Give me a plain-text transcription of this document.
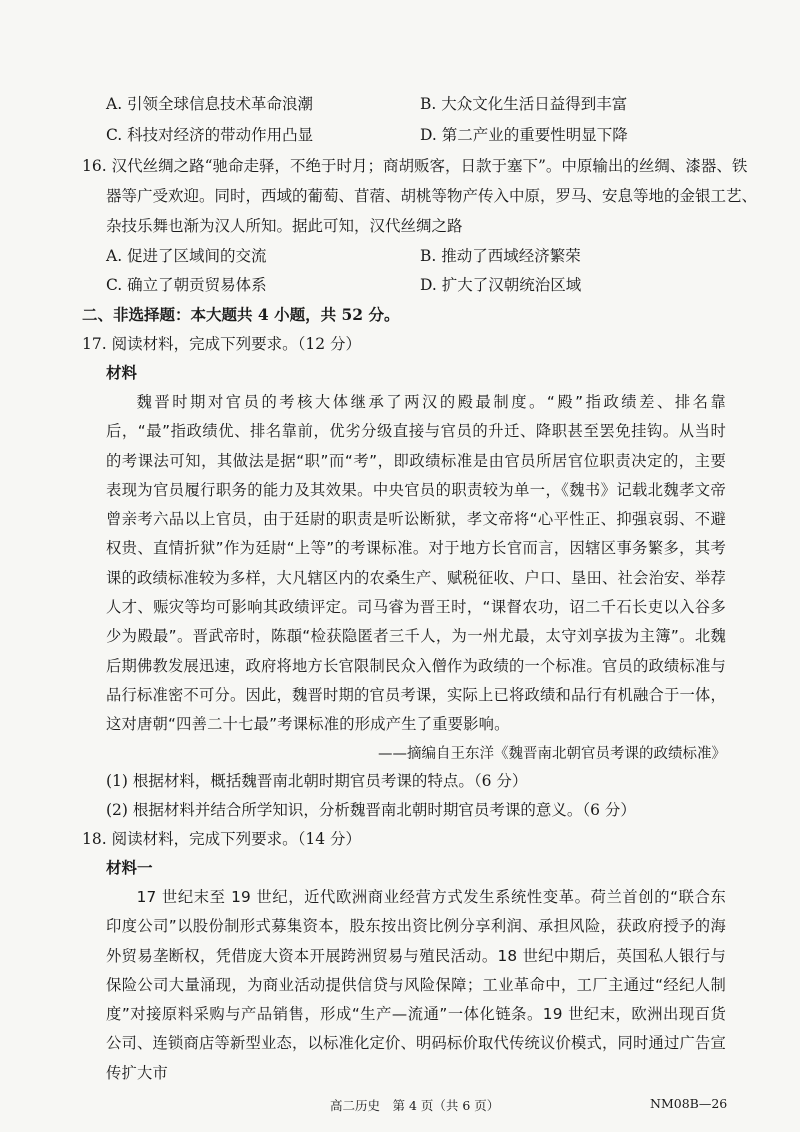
A. 引领全球信息技术革命浪潮	B. 大众文化生活日益得到丰富
C. 科技对经济的带动作用凸显	D. 第二产业的重要性明显下降
16. 汉代丝绸之路“驰命走驿，不绝于时月；商胡贩客，日款于塞下”。中原输出的丝绸、漆器、铁
器等广受欢迎。同时，西域的葡萄、苜蓿、胡桃等物产传入中原，罗马、安息等地的金银工艺、
杂技乐舞也渐为汉人所知。据此可知，汉代丝绸之路
A. 促进了区域间的交流	B. 推动了西域经济繁荣
C. 确立了朝贡贸易体系	D. 扩大了汉朝统治区域
二、非选择题：本大题共 4 小题，共 52 分。
17. 阅读材料，完成下列要求。（12 分）
材料
魏晋时期对官员的考核大体继承了两汉的殿最制度。“殿”指政绩差、排名靠后，“最”指政绩优、排名靠前，优劣分级直接与官员的升迁、降职甚至罢免挂钩。从当时的考课法可知，其做法是据“职”而“考”，即政绩标准是由官员所居官位职责决定的，主要表现为官员履行职务的能力及其效果。中央官员的职责较为单一，《魏书》记载北魏孝文帝曾亲考六品以上官员，由于廷尉的职责是听讼断狱，孝文帝将“心平性正、抑强哀弱、不避权贵、直情折狱”作为廷尉“上等”的考课标准。对于地方长官而言，因辖区事务繁多，其考课的政绩标准较为多样，大凡辖区内的农桑生产、赋税征收、户口、垦田、社会治安、举荐人才、赈灾等均可影响其政绩评定。司马睿为晋王时，“课督农功，诏二千石长吏以入谷多少为殿最”。晋武帝时，陈頵“检获隐匿者三千人，为一州尤最，太守刘享拔为主簿”。北魏后期佛教发展迅速，政府将地方长官限制民众入僧作为政绩的一个标准。官员的政绩标准与品行标准密不可分。因此，魏晋时期的官员考课，实际上已将政绩和品行有机融合于一体，这对唐朝“四善二十七最”考课标准的形成产生了重要影响。
——摘编自王东洋《魏晋南北朝官员考课的政绩标准》
(1) 根据材料，概括魏晋南北朝时期官员考课的特点。（6 分）
(2) 根据材料并结合所学知识，分析魏晋南北朝时期官员考课的意义。（6 分）
18. 阅读材料，完成下列要求。（14 分）
材料一
17 世纪末至 19 世纪，近代欧洲商业经营方式发生系统性变革。荷兰首创的“联合东印度公司”以股份制形式募集资本，股东按出资比例分享利润、承担风险，获政府授予的海外贸易垄断权，凭借庞大资本开展跨洲贸易与殖民活动。18 世纪中期后，英国私人银行与保险公司大量涌现，为商业活动提供信贷与风险保障；工业革命中，工厂主通过“经纪人制度”对接原料采购与产品销售，形成“生产—流通”一体化链条。19 世纪末，欧洲出现百货公司、连锁商店等新型业态，以标准化定价、明码标价取代传统议价模式，同时通过广告宣传扩大市
高二历史　第 4 页（共 6 页）	NM08B—26
